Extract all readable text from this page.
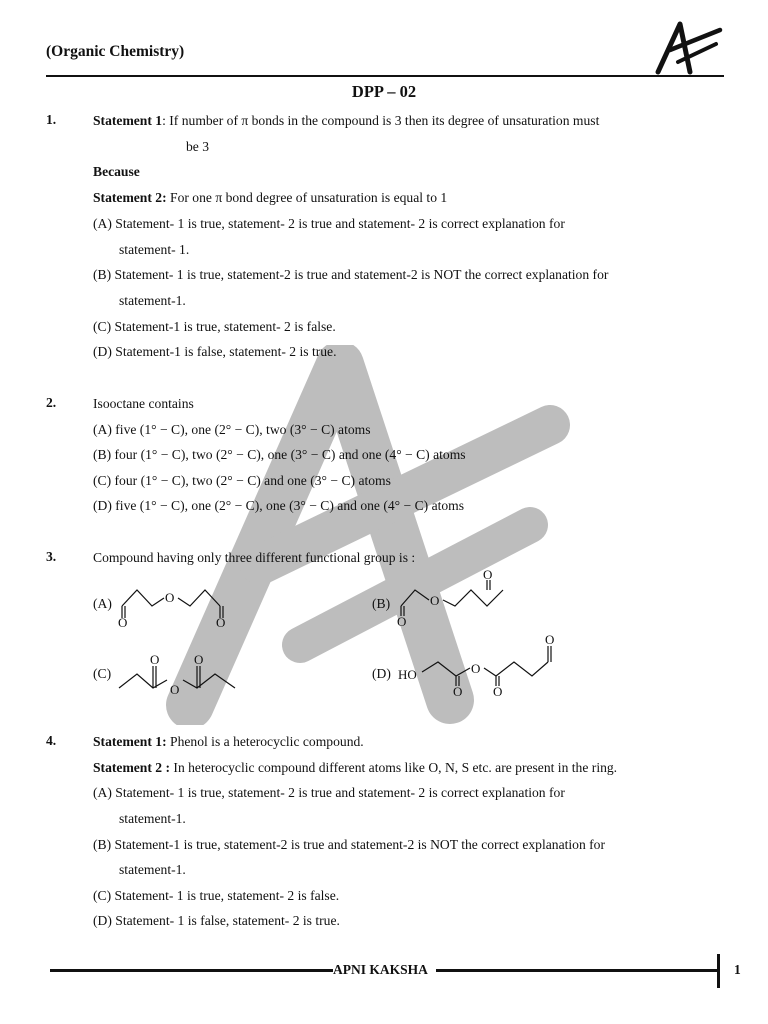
(Organic Chemistry)
DPP – 02
1.	Statement 1: If number of π bonds in the compound is 3 then its degree of unsaturation must
be 3
Because
Statement 2: For one π bond degree of unsaturation is equal to 1
(A) Statement- 1 is true, statement- 2 is true and statement- 2 is correct explanation for
statement- 1.
(B) Statement- 1 is true, statement-2 is true and statement-2 is NOT the correct explanation for
statement-1.
(C) Statement-1 is true, statement- 2 is false.
(D) Statement-1 is false, statement- 2 is true.
2.	Isooctane contains
(A) five (1° − C), one (2° − C), two (3° − C) atoms
(B) four (1° − C), two (2° − C), one (3° − C) and one (4° − C) atoms
(C) four (1° − C), two (2° − C) and one (3° − C) atoms
(D) five (1° − C), one (2° − C), one (3° − C) and one (4° − C) atoms
3.	Compound having only three different functional group is :
(A)	O
O	O
(B)	O
O
O
(C)
O	O
O
(D) HO	O
O O
O
4.	Statement 1: Phenol is a heterocyclic compound.
Statement 2 : In heterocyclic compound different atoms like O, N, S etc. are present in the ring.
(A) Statement- 1 is true, statement- 2 is true and statement- 2 is correct explanation for
statement-1.
(B) Statement-1 is true, statement-2 is true and statement-2 is NOT the correct explanation for
statement-1.
(C) Statement- 1 is true, statement- 2 is false.
(D) Statement- 1 is false, statement- 2 is true.
APNI KAKSHA	1
